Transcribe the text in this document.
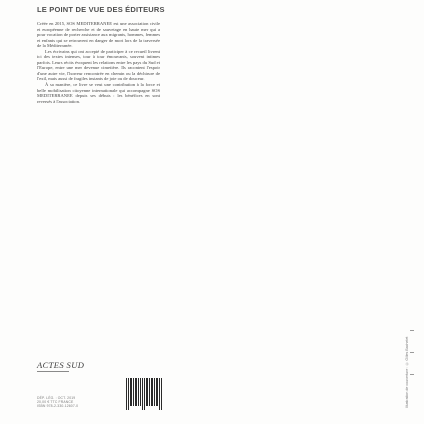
LE POINT DE VUE DES ÉDITEURS

Créée en 2015, SOS MEDITERRANEE est une association civile et européenne de recherche et de sauvetage en haute mer qui a pour vocation de porter assistance aux migrants, hommes, femmes et enfants qui se retrouvent en danger de mort lors de la traversée de la Méditerranée.

Les écrivains qui ont accepté de participer à ce recueil livrent ici des textes intenses, tour à tour émouvants, souvent intimes parfois. Leurs récits évoquent les relations entre les pays du Sud et l'Europe, entre une mer devenue cimetière. Ils racontent l'espoir d'une autre vie, l'horreur rencontrée en chemin ou la déchirure de l'exil, mais aussi de fragiles instants de joie ou de douceur.

À sa manière, ce livre se veut une contribution à la force et belle mobilisation citoyenne internationale qui accompagne SOS MEDITERRANEE depuis ses débuts : les bénéfices en sont reversés à l'association.

ACTES SUD
DÉP. LÉG. : OCT. 2019
20,00 € TTC FRANCE
ISBN 978-2-330-12607-0	Illustration de couverture : © Gilles Bachelet
